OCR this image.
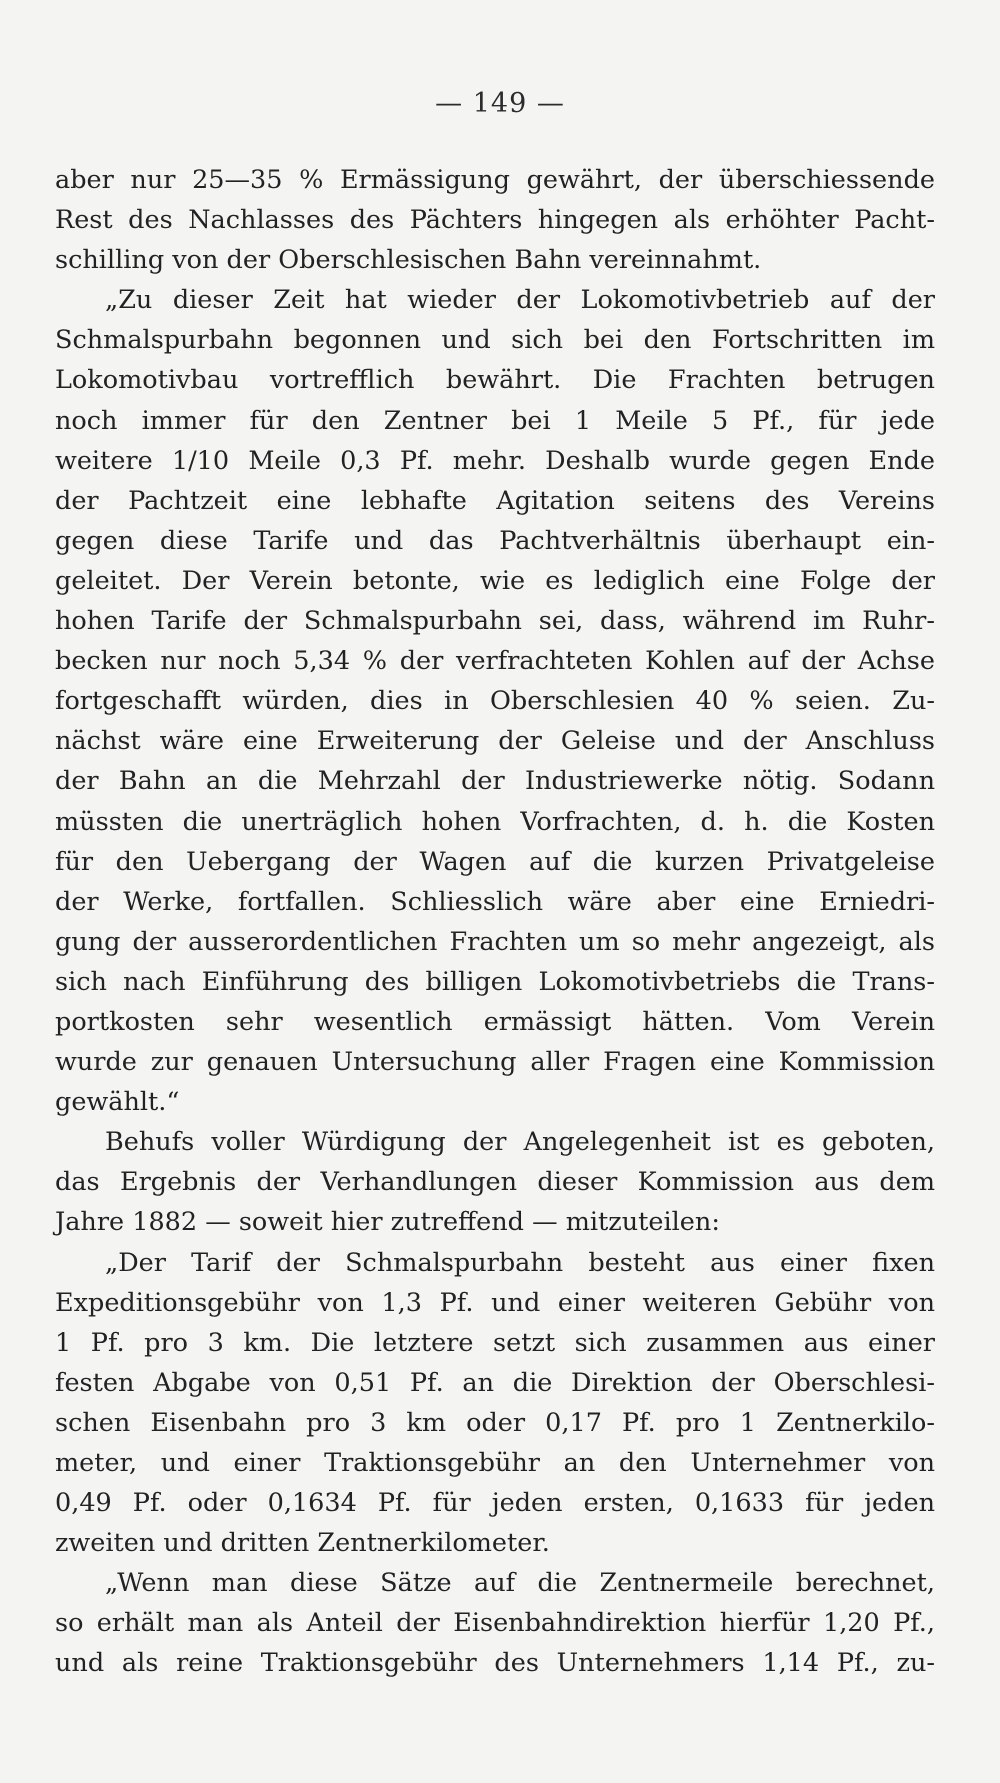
— 149 —
aber nur 25—35 % Ermässigung gewährt, der überschiessende
Rest des Nachlasses des Pächters hingegen als erhöhter Pacht-
schilling von der Oberschlesischen Bahn vereinnahmt.
„Zu dieser Zeit hat wieder der Lokomotivbetrieb auf der
Schmalspurbahn begonnen und sich bei den Fortschritten im
Lokomotivbau vortrefflich bewährt. Die Frachten betrugen
noch immer für den Zentner bei 1 Meile 5 Pf., für jede
weitere 1/10 Meile 0,3 Pf. mehr. Deshalb wurde gegen Ende
der Pachtzeit eine lebhafte Agitation seitens des Vereins
gegen diese Tarife und das Pachtverhältnis überhaupt ein-
geleitet. Der Verein betonte, wie es lediglich eine Folge der
hohen Tarife der Schmalspurbahn sei, dass, während im Ruhr-
becken nur noch 5,34 % der verfrachteten Kohlen auf der Achse
fortgeschafft würden, dies in Oberschlesien 40 % seien. Zu-
nächst wäre eine Erweiterung der Geleise und der Anschluss
der Bahn an die Mehrzahl der Industriewerke nötig. Sodann
müssten die unerträglich hohen Vorfrachten, d. h. die Kosten
für den Uebergang der Wagen auf die kurzen Privatgeleise
der Werke, fortfallen. Schliesslich wäre aber eine Erniedri-
gung der ausserordentlichen Frachten um so mehr angezeigt, als
sich nach Einführung des billigen Lokomotivbetriebs die Trans-
portkosten sehr wesentlich ermässigt hätten. Vom Verein
wurde zur genauen Untersuchung aller Fragen eine Kommission
gewählt.“
Behufs voller Würdigung der Angelegenheit ist es geboten,
das Ergebnis der Verhandlungen dieser Kommission aus dem
Jahre 1882 — soweit hier zutreffend — mitzuteilen:
„Der Tarif der Schmalspurbahn besteht aus einer fixen
Expeditionsgebühr von 1,3 Pf. und einer weiteren Gebühr von
1 Pf. pro 3 km. Die letztere setzt sich zusammen aus einer
festen Abgabe von 0,51 Pf. an die Direktion der Oberschlesi-
schen Eisenbahn pro 3 km oder 0,17 Pf. pro 1 Zentnerkilo-
meter, und einer Traktionsgebühr an den Unternehmer von
0,49 Pf. oder 0,1634 Pf. für jeden ersten, 0,1633 für jeden
zweiten und dritten Zentnerkilometer.
„Wenn man diese Sätze auf die Zentnermeile berechnet,
so erhält man als Anteil der Eisenbahndirektion hierfür 1,20 Pf.,
und als reine Traktionsgebühr des Unternehmers 1,14 Pf., zu-
